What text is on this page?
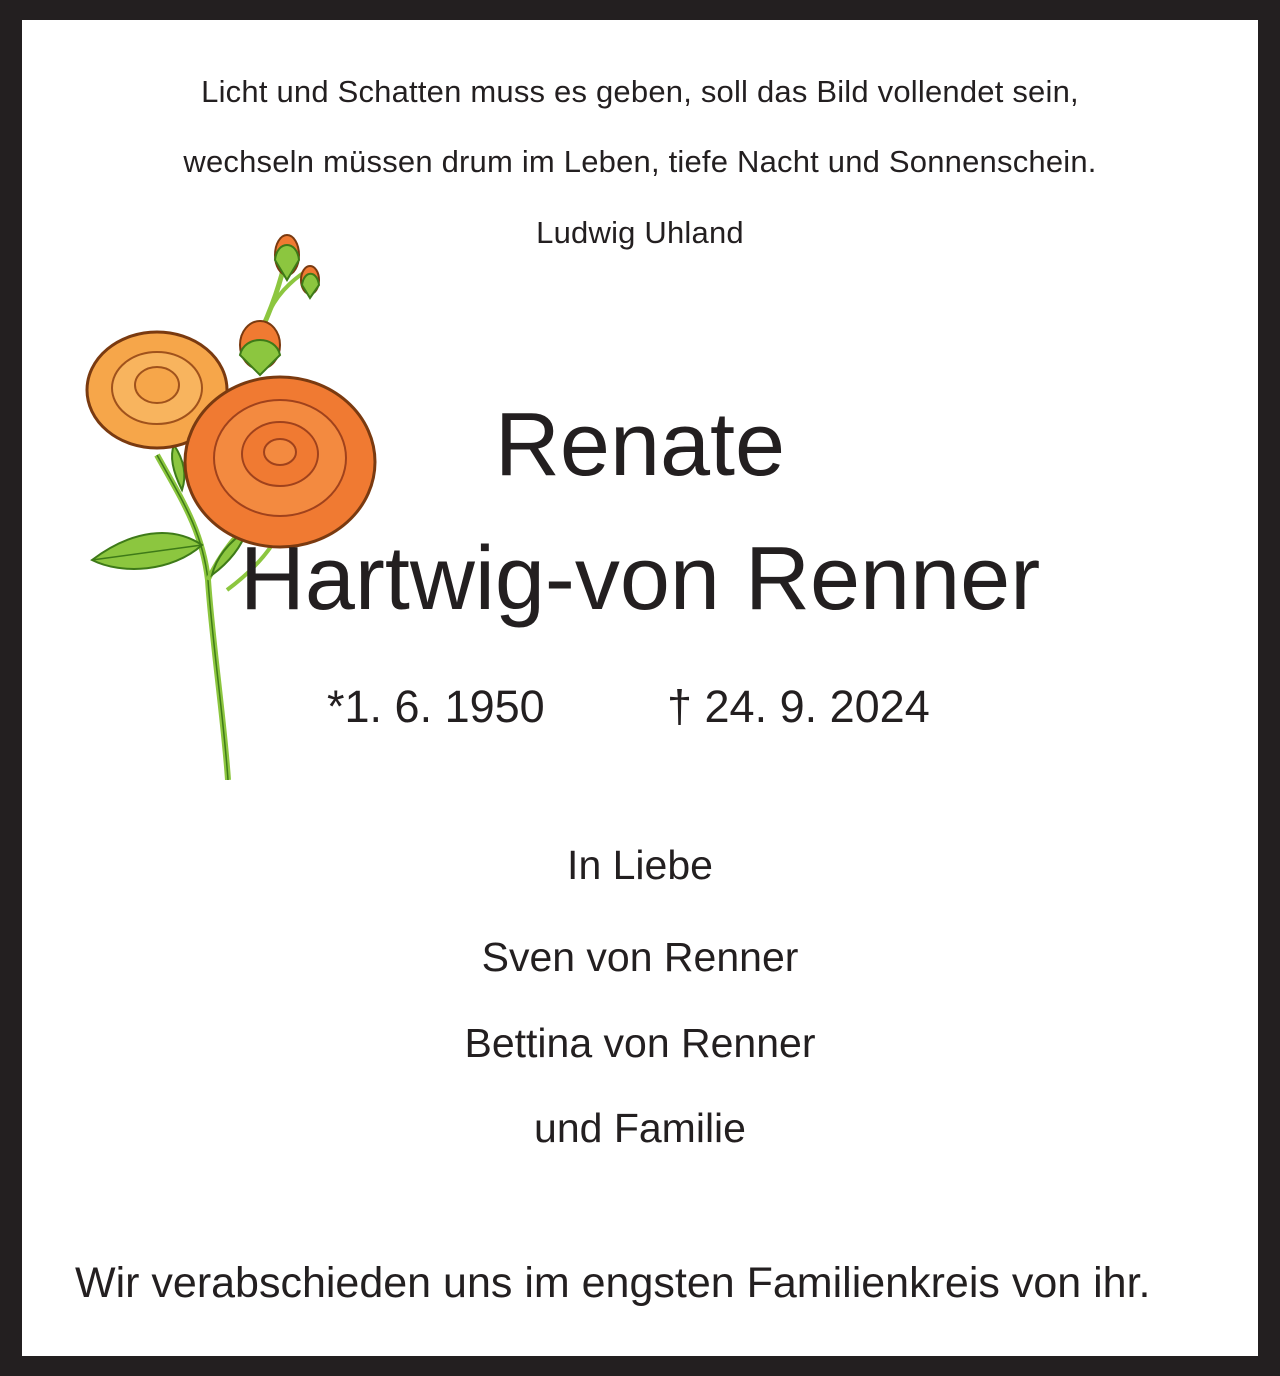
Licht und Schatten muss es geben, soll das Bild vollendet sein,
wechseln müssen drum im Leben, tiefe Nacht und Sonnenschein.
Ludwig Uhland
Renate
Hartwig-von Renner
*1. 6. 1950	† 24. 9. 2024
In Liebe
Sven von Renner
Bettina von Renner
und Familie
Wir verabschieden uns im engsten Familienkreis von ihr.
